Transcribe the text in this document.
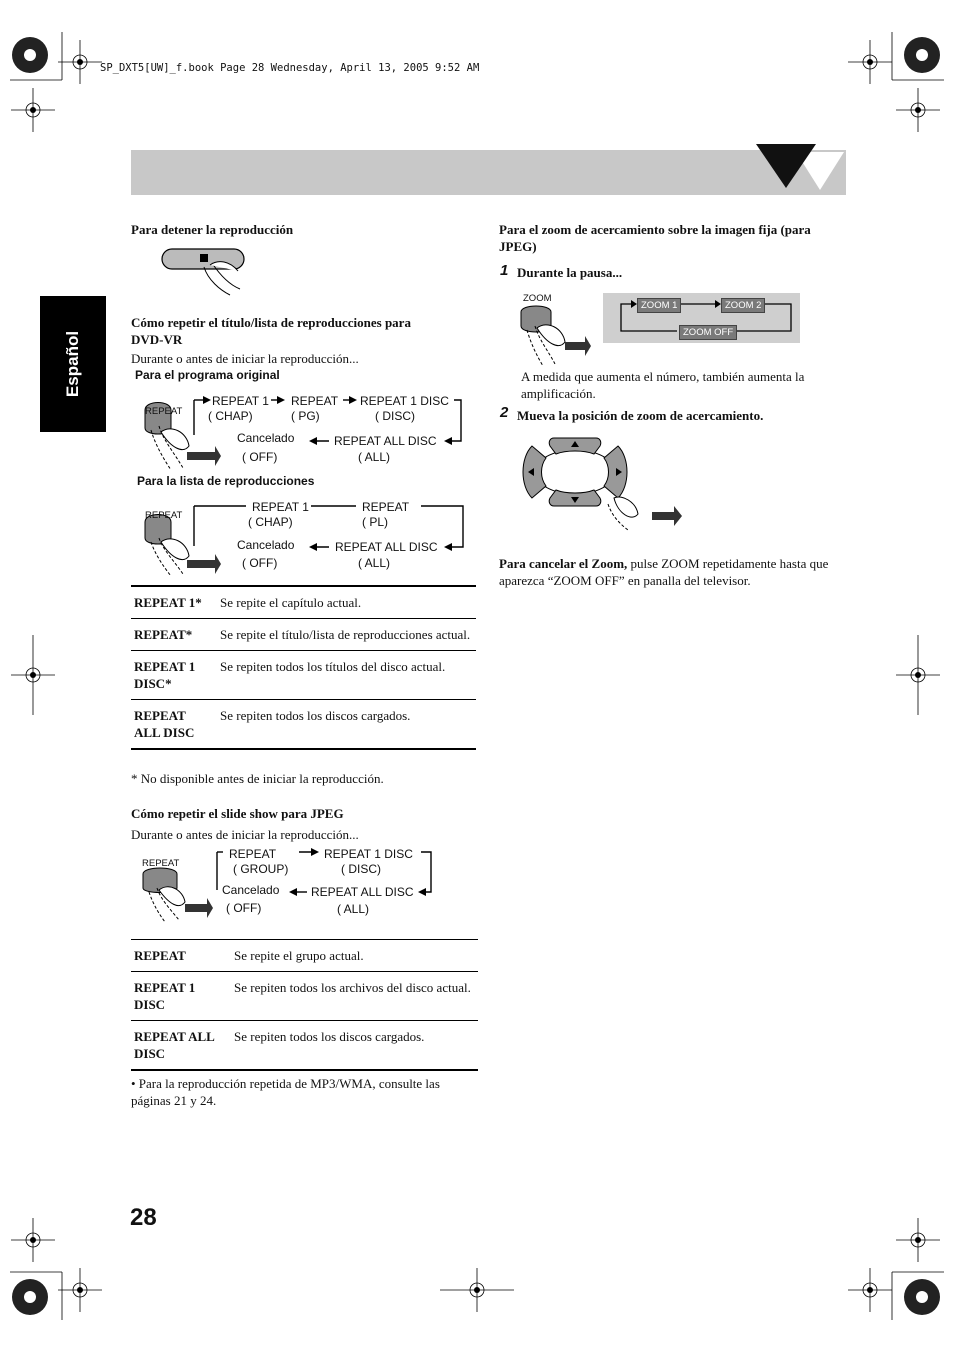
SP_DXT5[UW]_f.book Page 28 Wednesday, April 13, 2005 9:52 AM
Español
Para detener la reproducción
Cómo repetir el título/lista de reproducciones para
DVD-VR
Durante o antes de iniciar la reproducción...
Para el programa original
REPEAT
REPEAT 1
( CHAP)
REPEAT
( PG)
REPEAT 1 DISC
( DISC)
Cancelado
( OFF)
REPEAT ALL DISC
( ALL)
Para la lista de reproducciones
REPEAT
REPEAT 1
( CHAP)
REPEAT
( PL)
Cancelado
( OFF)
REPEAT ALL DISC
( ALL)
REPEAT 1*	Se repite el capítulo actual.
REPEAT*	Se repite el título/lista de reproducciones actual.
REPEAT 1 DISC*	Se repiten todos los títulos del disco actual.
REPEAT ALL DISC	Se repiten todos los discos cargados.
* No disponible antes de iniciar la reproducción.
Cómo repetir el slide show para JPEG
Durante o antes de iniciar la reproducción...
REPEAT
REPEAT
( GROUP)
REPEAT 1 DISC
( DISC)
Cancelado
( OFF)
REPEAT ALL DISC
( ALL)
REPEAT	Se repite el grupo actual.
REPEAT 1 DISC	Se repiten todos los archivos del disco actual.
REPEAT ALL DISC	Se repiten todos los discos cargados.
• Para la reproducción repetida de MP3/WMA, consulte las páginas 21 y 24.
Para el zoom de acercamiento sobre la imagen fija (para JPEG)
1 Durante la pausa...
ZOOM
ZOOM 1	ZOOM 2
ZOOM OFF
A medida que aumenta el número, también aumenta la amplificación.
2 Mueva la posición de zoom de acercamiento.
Para cancelar el Zoom, pulse ZOOM repetidamente hasta que aparezca “ZOOM OFF” en panalla del televisor.
28
